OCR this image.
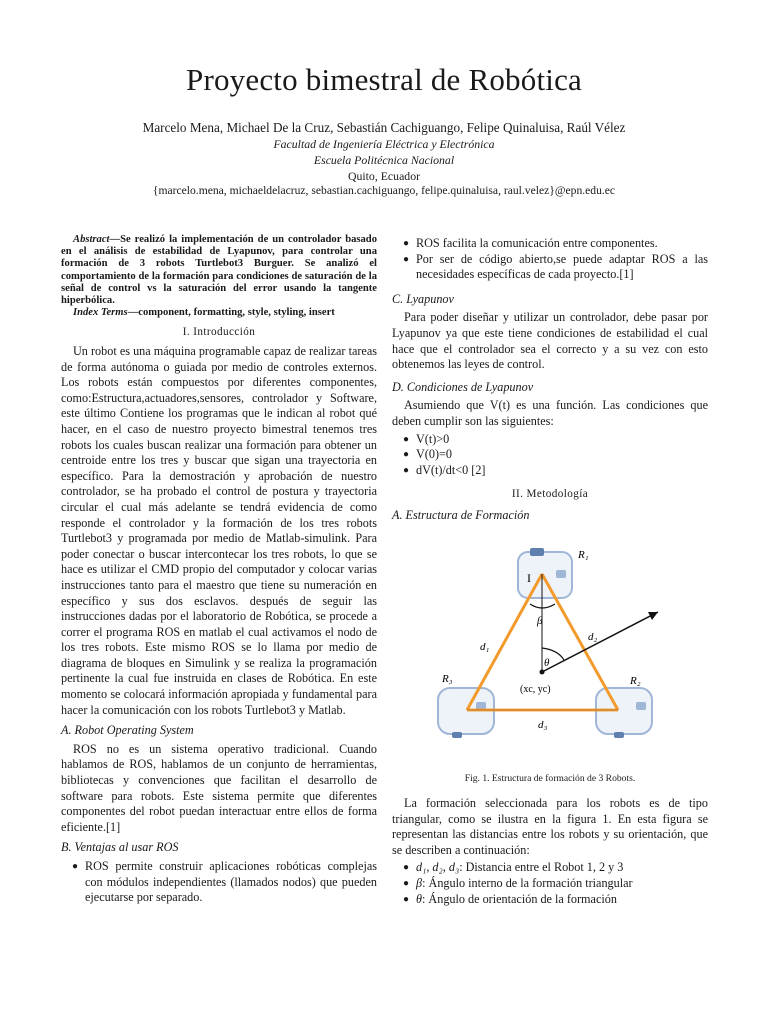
Proyecto bimestral de Robótica
Marcelo Mena, Michael De la Cruz, Sebastián Cachiguango, Felipe Quinaluisa, Raúl Vélez
Facultad de Ingeniería Eléctrica y Electrónica
Escuela Politécnica Nacional
Quito, Ecuador
{marcelo.mena, michaeldelacruz, sebastian.cachiguango, felipe.quinaluisa, raul.velez}@epn.edu.ec

Abstract—Se realizó la implementación de un controlador basado en el análisis de estabilidad de Lyapunov, para controlar una formación de 3 robots Turtlebot3 Burguer. Se analizó el comportamiento de la formación para condiciones de saturación de la señal de control vs la saturación del error usando la tangente hiperbólica.

Index Terms—component, formatting, style, styling, insert

I. Introducción

Un robot es una máquina programable capaz de realizar tareas de forma autónoma o guiada por medio de controles externos. Los robots están compuestos por diferentes componentes, como:Estructura,actuadores,sensores, controlador y Software, este último Contiene los programas que le indican al robot qué hacer, en el caso de nuestro proyecto bimestral tenemos tres robots los cuales buscan realizar una formación para obtener un centroide entre los tres y buscar que sigan una trayectoria en específico. Para la demostración y aprobación de nuestro controlador, se ha probado el control de postura y trayectoria circular el cual más adelante se tendrá evidencia de como responde el controlador y la formación de los tres robots Turtlebot3 y programada por medio de Matlab-simulink. Para poder conectar o buscar intercontecar los tres robots, lo que se hace es utilizar el CMD propio del computador y colocar varias instrucciones tanto para el maestro que tiene su numeración en específico y sus dos esclavos. después de seguir las instrucciones dadas por el laboratorio de Robótica, se procede a correr el programa ROS en matlab el cual activamos el nodo de los tres robots. Este mismo ROS se lo llama por medio de diagrama de bloques en Simulink y se realiza la programación pertinente la cual fue instruida en clases de Robótica. En este momento se colocará información apropiada y fundamental para hacer la comunicación con los robots Turtlebot3 y Matlab.

A. Robot Operating System

ROS no es un sistema operativo tradicional. Cuando hablamos de ROS, hablamos de un conjunto de herramientas, bibliotecas y convenciones que facilitan el desarrollo de software para robots. Este sistema permite que diferentes componentes del robot puedan interactuar entre ellos de forma eficiente.[1]

B. Ventajas al usar ROS
● ROS permite construir aplicaciones robóticas complejas con módulos independientes (llamados nodos) que pueden ejecutarse por separado.
● ROS facilita la comunicación entre componentes.
● Por ser de código abierto,se puede adaptar ROS a las necesidades específicas de cada proyecto.[1]
C. Lyapunov

Para poder diseñar y utilizar un controlador, debe pasar por Lyapunov ya que este tiene condiciones de estabilidad el cual hace que el controlador sea el correcto y a su vez con esto obtenemos las leyes de control.

D. Condiciones de Lyapunov

Asumiendo que V(t) es una función. Las condiciones que deben cumplir son las siguientes:

● V(t)>0
● V(0)=0
● dV(t)/dt<0 [2]
II. Metodología
A. Estructura de Formación
R₁
I
R₃	R₂
β
θ
(xc, yc)
d₁
d₂
d₃
Fig. 1. Estructura de formación de 3 Robots.

La formación seleccionada para los robots es de tipo triangular, como se ilustra en la figura 1. En esta figura se representan las distancias entre los robots y su orientación, que se describen a continuación:

● d₁, d₂, d₃: Distancia entre el Robot 1, 2 y 3
● β: Ángulo interno de la formación triangular
● θ: Ángulo de orientación de la formación
